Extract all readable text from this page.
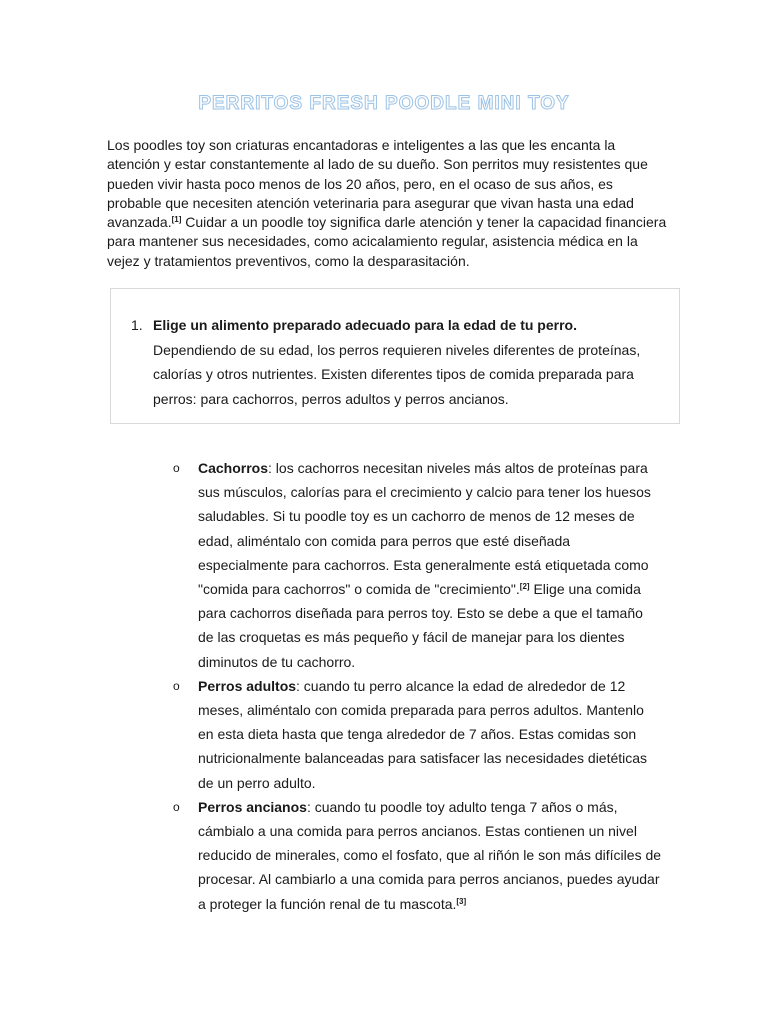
PERRITOS FRESH POODLE MINI TOY

Los poodles toy son criaturas encantadoras e inteligentes a las que les encanta la atención y estar constantemente al lado de su dueño. Son perritos muy resistentes que pueden vivir hasta poco menos de los 20 años, pero, en el ocaso de sus años, es probable que necesiten atención veterinaria para asegurar que vivan hasta una edad avanzada.[1] Cuidar a un poodle toy significa darle atención y tener la capacidad financiera para mantener sus necesidades, como acicalamiento regular, asistencia médica en la vejez y tratamientos preventivos, como la desparasitación.

1. Elige un alimento preparado adecuado para la edad de tu perro. Dependiendo de su edad, los perros requieren niveles diferentes de proteínas, calorías y otros nutrientes. Existen diferentes tipos de comida preparada para perros: para cachorros, perros adultos y perros ancianos.
o Cachorros: los cachorros necesitan niveles más altos de proteínas para sus músculos, calorías para el crecimiento y calcio para tener los huesos saludables. Si tu poodle toy es un cachorro de menos de 12 meses de edad, aliméntalo con comida para perros que esté diseñada especialmente para cachorros. Esta generalmente está etiquetada como "comida para cachorros" o comida de "crecimiento".[2] Elige una comida para cachorros diseñada para perros toy. Esto se debe a que el tamaño de las croquetas es más pequeño y fácil de manejar para los dientes diminutos de tu cachorro.
o Perros adultos: cuando tu perro alcance la edad de alrededor de 12 meses, aliméntalo con comida preparada para perros adultos. Mantenlo en esta dieta hasta que tenga alrededor de 7 años. Estas comidas son nutricionalmente balanceadas para satisfacer las necesidades dietéticas de un perro adulto.
o Perros ancianos: cuando tu poodle toy adulto tenga 7 años o más, cámbialo a una comida para perros ancianos. Estas contienen un nivel reducido de minerales, como el fosfato, que al riñón le son más difíciles de procesar. Al cambiarlo a una comida para perros ancianos, puedes ayudar a proteger la función renal de tu mascota.[3]
